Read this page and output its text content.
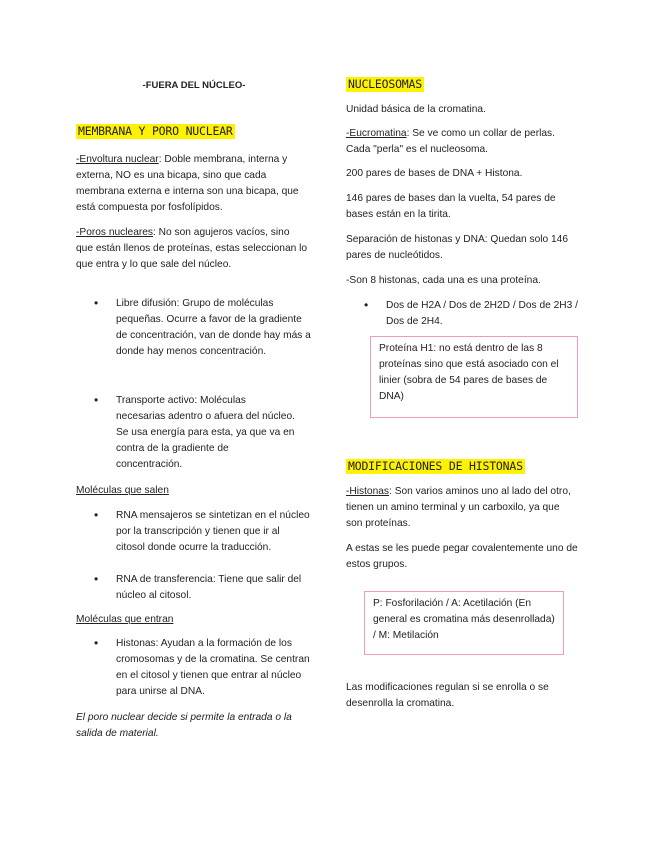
-FUERA DEL NÚCLEO-
MEMBRANA Y PORO NUCLEAR

-Envoltura nuclear: Doble membrana, interna y externa, NO es una bicapa, sino que cada membrana externa e interna son una bicapa, que está compuesta por fosfolípidos.

-Poros nucleares: No son agujeros vacíos, sino que están llenos de proteínas, estas seleccionan lo que entra y lo que sale del núcleo.

•

Libre difusión: Grupo de moléculas pequeñas. Ocurre a favor de la gradiente de concentración, van de donde hay más a donde hay menos concentración.

•

Transporte activo: Moléculas necesarias adentro o afuera del núcleo. Se usa energía para esta, ya que va en contra de la gradiente de concentración.

Moléculas que salen

•

RNA mensajeros se sintetizan en el núcleo por la transcripción y tienen que ir al citosol donde ocurre la traducción.

•

RNA de transferencia: Tiene que salir del núcleo al citosol.

Moléculas que entran

•

Histonas: Ayudan a la formación de los cromosomas y de la cromatina. Se centran en el citosol y tienen que entrar al núcleo para unirse al DNA.

El poro nuclear decide si permite la entrada o la salida de material.

NUCLEOSOMAS

Unidad básica de la cromatina.

-Eucromatina: Se ve como un collar de perlas. Cada "perla" es el nucleosoma.

200 pares de bases de DNA + Histona.

146 pares de bases dan la vuelta, 54 pares de bases están en la tirita.

Separación de histonas y DNA: Quedan solo 146 pares de nucleótidos.

-Son 8 histonas, cada una es una proteína.

•

Dos de H2A / Dos de 2H2D / Dos de 2H3 / Dos de 2H4.

Proteína H1: no está dentro de las 8 proteínas sino que está asociado con el linier (sobra de 54 pares de bases de DNA)
MODIFICACIONES DE HISTONAS

-Histonas: Son varios aminos uno al lado del otro, tienen un amino terminal y un carboxilo, ya que son proteínas.

A estas se les puede pegar covalentemente uno de estos grupos.

P: Fosforilación / A: Acetilación (En general es cromatina más desenrollada) / M: Metilación

Las modificaciones regulan si se enrolla o se desenrolla la cromatina.
